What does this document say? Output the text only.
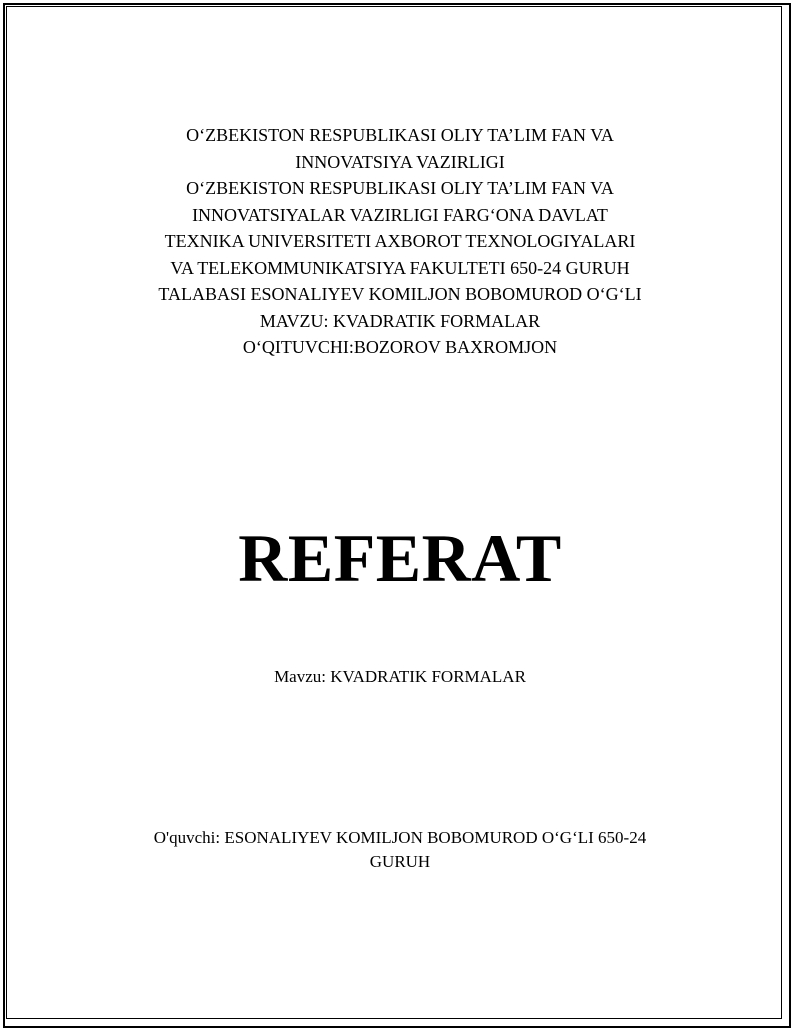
O‘ZBEKISTON RESPUBLIKASI OLIY TA’LIM FAN VA
INNOVATSIYA VAZIRLIGI
O‘ZBEKISTON RESPUBLIKASI OLIY TA’LIM FAN VA
INNOVATSIYALAR VAZIRLIGI FARG‘ONA DAVLAT
TEXNIKA UNIVERSITETI AXBOROT TEXNOLOGIYALARI
VA TELEKOMMUNIKATSIYA FAKULTETI 650-24 GURUH
TALABASI ESONALIYEV KOMILJON BOBOMUROD O‘G‘LI
MAVZU: KVADRATIK FORMALAR
O‘QITUVCHI:BOZOROV BAXROMJON
REFERAT
Mavzu: KVADRATIK FORMALAR
O'quvchi: ESONALIYEV KOMILJON BOBOMUROD O‘G‘LI 650-24
GURUH
